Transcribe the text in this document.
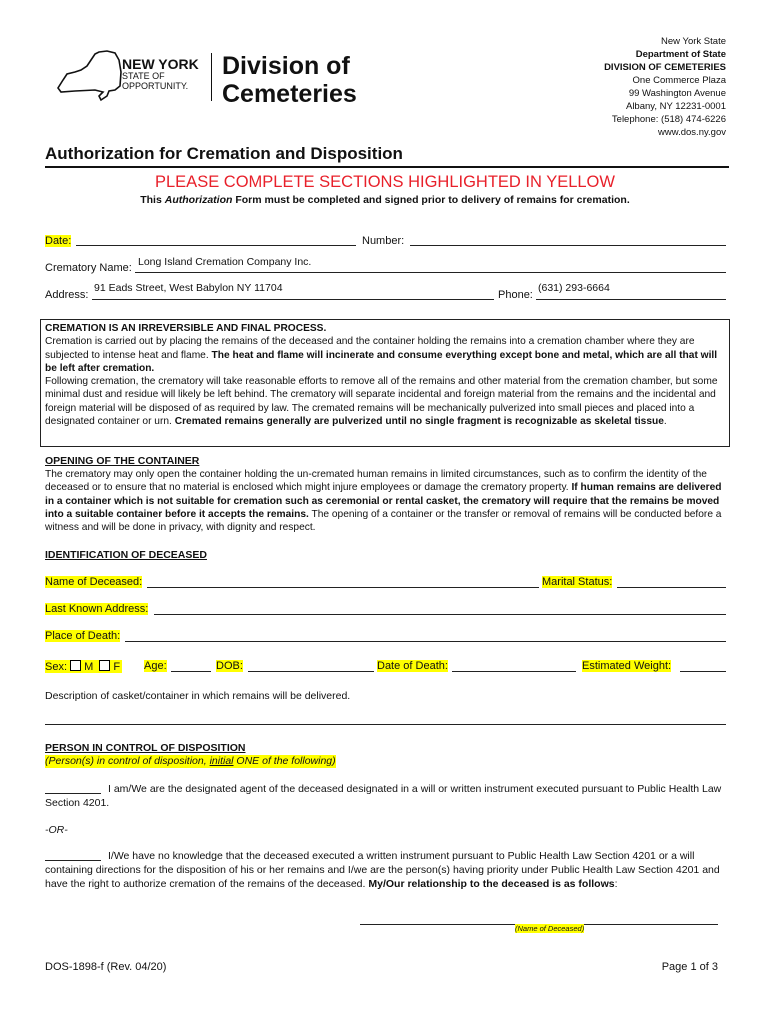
NEW YORK
STATE OF
OPPORTUNITY.
Division of
Cemeteries
New York State
Department of State
DIVISION OF CEMETERIES
One Commerce Plaza
99 Washington Avenue
Albany, NY 12231-0001
Telephone: (518) 474-6226
www.dos.ny.gov
Authorization for Cremation and Disposition
PLEASE COMPLETE SECTIONS HIGHLIGHTED IN YELLOW
This Authorization Form must be completed and signed prior to delivery of remains for cremation.
Date:	Number:
Crematory Name: Long Island Cremation Company Inc.
Address:
91 Eads Street, West Babylon NY 11704
Phone:
(631) 293-6664
CREMATION IS AN IRREVERSIBLE AND FINAL PROCESS.
Cremation is carried out by placing the remains of the deceased and the container holding the remains into a cremation chamber where they are subjected to intense heat and flame. The heat and flame will incinerate and consume everything except bone and metal, which are all that will be left after cremation.
Following cremation, the crematory will take reasonable efforts to remove all of the remains and other material from the cremation chamber, but some minimal dust and residue will likely be left behind. The crematory will separate incidental and foreign material from the remains and the incidental and foreign material will be disposed of as required by law. The cremated remains will be mechanically pulverized into small pieces and placed into a designated container or urn. Cremated remains generally are pulverized until no single fragment is recognizable as skeletal tissue.
OPENING OF THE CONTAINER
The crematory may only open the container holding the un-cremated human remains in limited circumstances, such as to confirm the identity of the deceased or to ensure that no material is enclosed which might injure employees or damage the crematory property. If human remains are delivered in a container which is not suitable for cremation such as ceremonial or rental casket, the crematory will require that the remains be moved into a suitable container before it accepts the remains. The opening of a container or the transfer or removal of remains will be conducted before a witness and will be done in privacy, with dignity and respect.
IDENTIFICATION OF DECEASED
Name of Deceased:	Marital Status:
Last Known Address:
Place of Death:
Sex: M F Age:	DOB:	Date of Death:	Estimated Weight:
Description of casket/container in which remains will be delivered.
PERSON IN CONTROL OF DISPOSITION
(Person(s) in control of disposition, initial ONE of the following)
I am/We are the designated agent of the deceased designated in a will or written instrument executed pursuant to Public Health Law Section 4201.
-OR-
I/We have no knowledge that the deceased executed a written instrument pursuant to Public Health Law Section 4201 or a will containing directions for the disposition of his or her remains and I/we are the person(s) having priority under Public Health Law Section 4201 and have the right to authorize cremation of the remains of the deceased. My/Our relationship to the deceased is as follows:
(Name of Deceased)
DOS-1898-f (Rev. 04/20)	Page 1 of 3
